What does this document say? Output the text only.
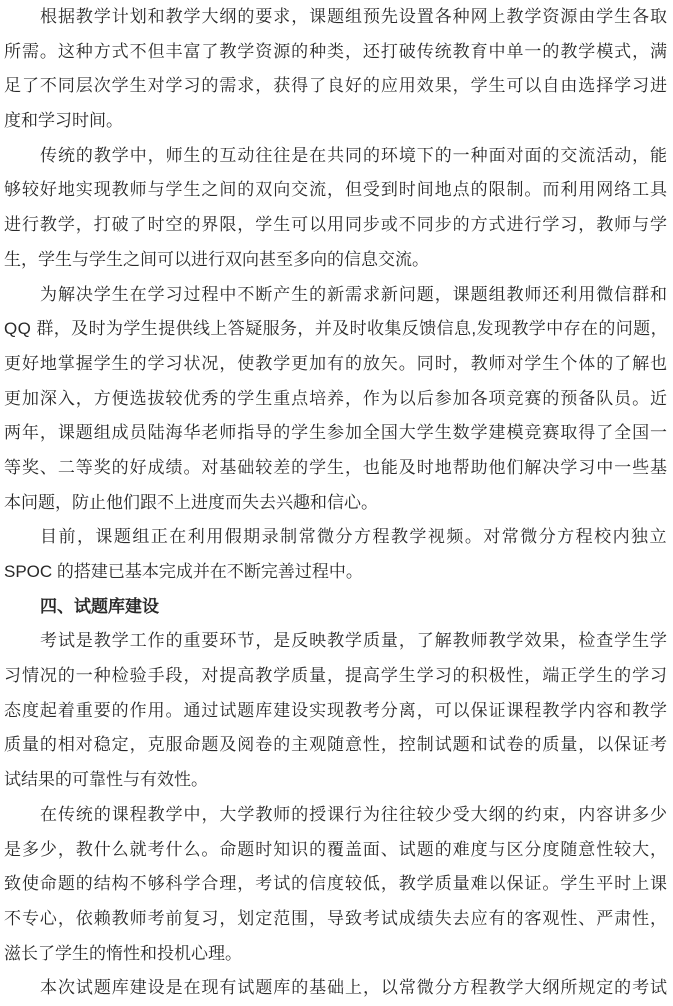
根据教学计划和教学大纲的要求，课题组预先设置各种网上教学资源由学生各取
所需。这种方式不但丰富了教学资源的种类，还打破传统教育中单一的教学模式，满
足了不同层次学生对学习的需求，获得了良好的应用效果，学生可以自由选择学习进
度和学习时间。
传统的教学中，师生的互动往往是在共同的环境下的一种面对面的交流活动，能
够较好地实现教师与学生之间的双向交流，但受到时间地点的限制。而利用网络工具
进行教学，打破了时空的界限，学生可以用同步或不同步的方式进行学习，教师与学
生，学生与学生之间可以进行双向甚至多向的信息交流。
为解决学生在学习过程中不断产生的新需求新问题，课题组教师还利用微信群和
QQ 群，及时为学生提供线上答疑服务，并及时收集反馈信息,发现教学中存在的问题，
更好地掌握学生的学习状况，使教学更加有的放矢。同时，教师对学生个体的了解也
更加深入，方便选拔较优秀的学生重点培养，作为以后参加各项竞赛的预备队员。近
两年，课题组成员陆海华老师指导的学生参加全国大学生数学建模竞赛取得了全国一
等奖、二等奖的好成绩。对基础较差的学生，也能及时地帮助他们解决学习中一些基
本问题，防止他们跟不上进度而失去兴趣和信心。
目前，课题组正在利用假期录制常微分方程教学视频。对常微分方程校内独立
SPOC 的搭建已基本完成并在不断完善过程中。
四、试题库建设
考试是教学工作的重要环节，是反映教学质量，了解教师教学效果，检查学生学
习情况的一种检验手段，对提高教学质量，提高学生学习的积极性，端正学生的学习
态度起着重要的作用。通过试题库建设实现教考分离，可以保证课程教学内容和教学
质量的相对稳定，克服命题及阅卷的主观随意性，控制试题和试卷的质量，以保证考
试结果的可靠性与有效性。
在传统的课程教学中，大学教师的授课行为往往较少受大纲的约束，内容讲多少
是多少，教什么就考什么。命题时知识的覆盖面、试题的难度与区分度随意性较大，
致使命题的结构不够科学合理，考试的信度较低，教学质量难以保证。学生平时上课
不专心，依赖教师考前复习，划定范围，导致考试成绩失去应有的客观性、严肃性，
滋长了学生的惰性和投机心理。
本次试题库建设是在现有试题库的基础上，以常微分方程教学大纲所规定的考试
